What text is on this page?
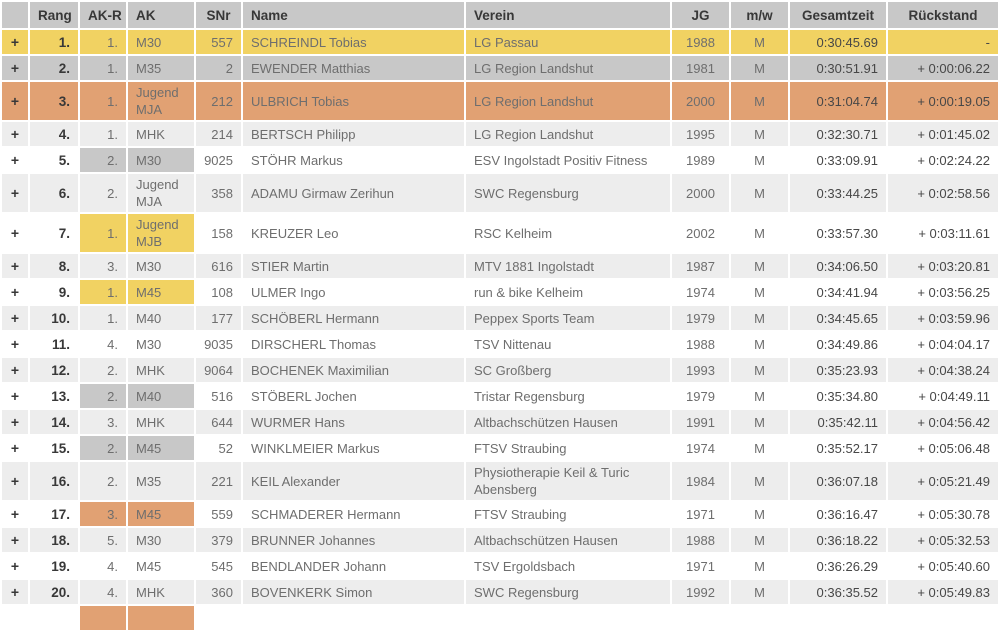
	Rang	AK-R	AK	SNr	Name	Verein	JG	m/w	Gesamtzeit	Rückstand
+	1.	1.	M30	557	SCHREINDL Tobias	LG Passau	1988	M	0:30:45.69	-
+	2.	1.	M35	2	EWENDER Matthias	LG Region Landshut	1981	M	0:30:51.91	+ 0:00:06.22
+	3.	1.	Jugend MJA	212	ULBRICH Tobias	LG Region Landshut	2000	M	0:31:04.74	+ 0:00:19.05
+	4.	1.	MHK	214	BERTSCH Philipp	LG Region Landshut	1995	M	0:32:30.71	+ 0:01:45.02
+	5.	2.	M30	9025	STÖHR Markus	ESV Ingolstadt Positiv Fitness	1989	M	0:33:09.91	+ 0:02:24.22
+	6.	2.	Jugend MJA	358	ADAMU Girmaw Zerihun	SWC Regensburg	2000	M	0:33:44.25	+ 0:02:58.56
+	7.	1.	Jugend MJB	158	KREUZER Leo	RSC Kelheim	2002	M	0:33:57.30	+ 0:03:11.61
+	8.	3.	M30	616	STIER Martin	MTV 1881 Ingolstadt	1987	M	0:34:06.50	+ 0:03:20.81
+	9.	1.	M45	108	ULMER Ingo	run & bike Kelheim	1974	M	0:34:41.94	+ 0:03:56.25
+	10.	1.	M40	177	SCHÖBERL Hermann	Peppex Sports Team	1979	M	0:34:45.65	+ 0:03:59.96
+	11.	4.	M30	9035	DIRSCHERL Thomas	TSV Nittenau	1988	M	0:34:49.86	+ 0:04:04.17
+	12.	2.	MHK	9064	BOCHENEK Maximilian	SC Großberg	1993	M	0:35:23.93	+ 0:04:38.24
+	13.	2.	M40	516	STÖBERL Jochen	Tristar Regensburg	1979	M	0:35:34.80	+ 0:04:49.11
+	14.	3.	MHK	644	WURMER Hans	Altbachschützen Hausen	1991	M	0:35:42.11	+ 0:04:56.42
+	15.	2.	M45	52	WINKLMEIER Markus	FTSV Straubing	1974	M	0:35:52.17	+ 0:05:06.48
+	16.	2.	M35	221	KEIL Alexander	Physiotherapie Keil & Turic Abensberg	1984	M	0:36:07.18	+ 0:05:21.49
+	17.	3.	M45	559	SCHMADERER Hermann	FTSV Straubing	1971	M	0:36:16.47	+ 0:05:30.78
+	18.	5.	M30	379	BRUNNER Johannes	Altbachschützen Hausen	1988	M	0:36:18.22	+ 0:05:32.53
+	19.	4.	M45	545	BENDLANDER Johann	TSV Ergoldsbach	1971	M	0:36:26.29	+ 0:05:40.60
+	20.	4.	MHK	360	BOVENKERK Simon	SWC Regensburg	1992	M	0:36:35.52	+ 0:05:49.83
